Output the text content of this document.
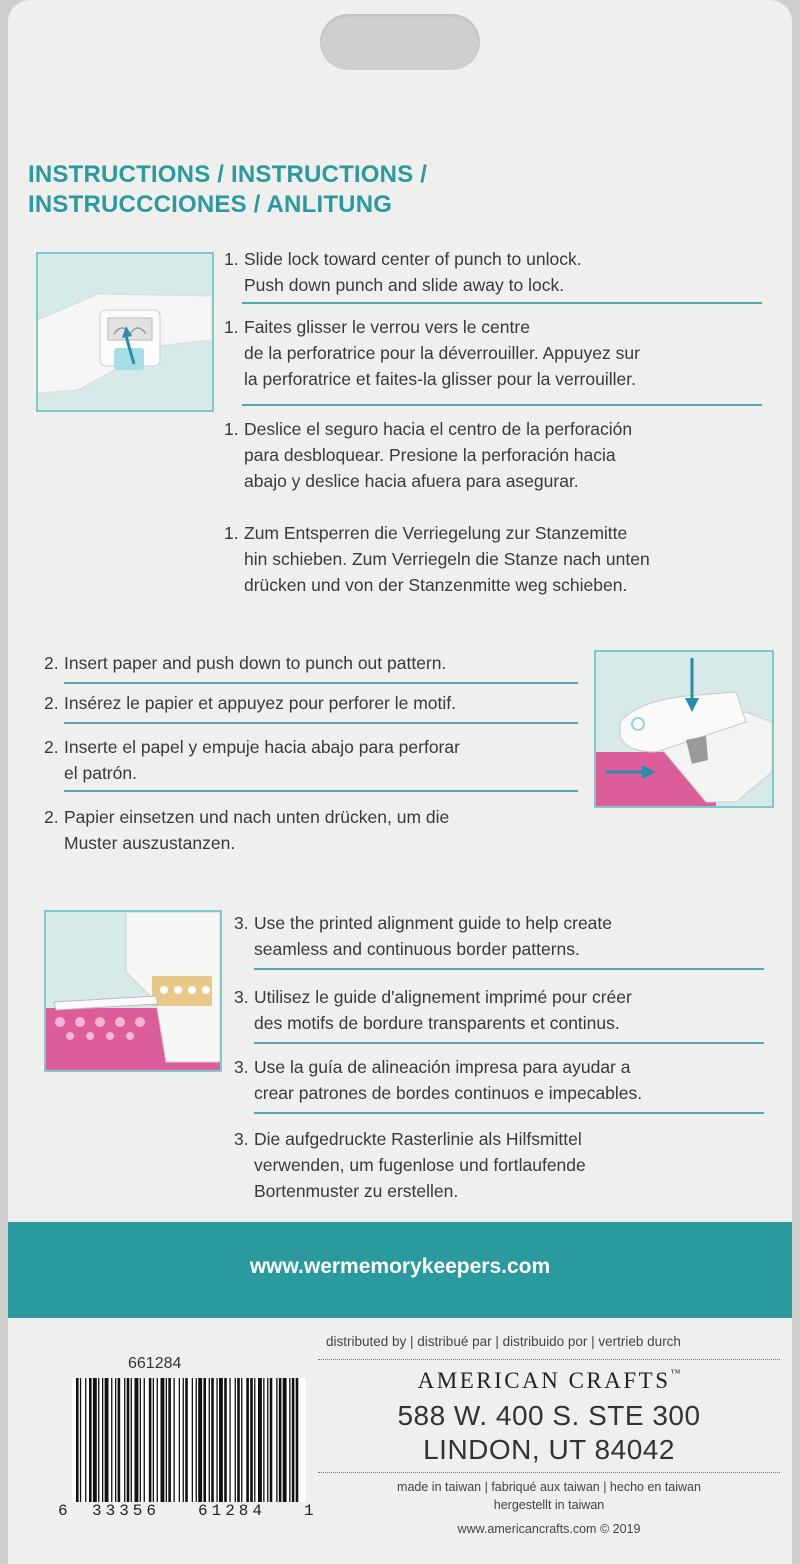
INSTRUCTIONS / INSTRUCTIONS /
INSTRUCCCIONES / ANLITUNG

1. Slide lock toward center of punch to unlock.

Push down punch and slide away to lock.

1. Faites glisser le verrou vers le centre

de la perforatrice pour la déverrouiller. Appuyez sur

la perforatrice et faites-la glisser pour la verrouiller.

1. Deslice el seguro hacia el centro de la perforación

para desbloquear. Presione la perforación hacia

abajo y deslice hacia afuera para asegurar.

1. Zum Entsperren die Verriegelung zur Stanzemitte

hin schieben. Zum Verriegeln die Stanze nach unten

drücken und von der Stanzenmitte weg schieben.

2. Insert paper and push down to punch out pattern.

2. Insérez le papier et appuyez pour perforer le motif.

2. Inserte el papel y empuje hacia abajo para perforar

el patrón.

2. Papier einsetzen und nach unten drücken, um die

Muster auszustanzen.

3. Use the printed alignment guide to help create

seamless and continuous border patterns.

3. Utilisez le guide d'alignement imprimé pour créer

des motifs de bordure transparents et continus.

3. Use la guía de alineación impresa para ayudar a

crear patrones de bordes continuos e impecables.

3. Die aufgedruckte Rasterlinie als Hilfsmittel

verwenden, um fugenlose und fortlaufende

Bortenmuster zu erstellen.

www.wermemorykeepers.com
661284
6 33356 61284 1
distributed by | distribué par | distribuido por | vertrieb durch
AMERICAN CRAFTS™
588 W. 400 S. STE 300
LINDON, UT 84042
made in taiwan | fabriqué aux taiwan | hecho en taiwan
hergestellt in taiwan
www.americancrafts.com © 2019
